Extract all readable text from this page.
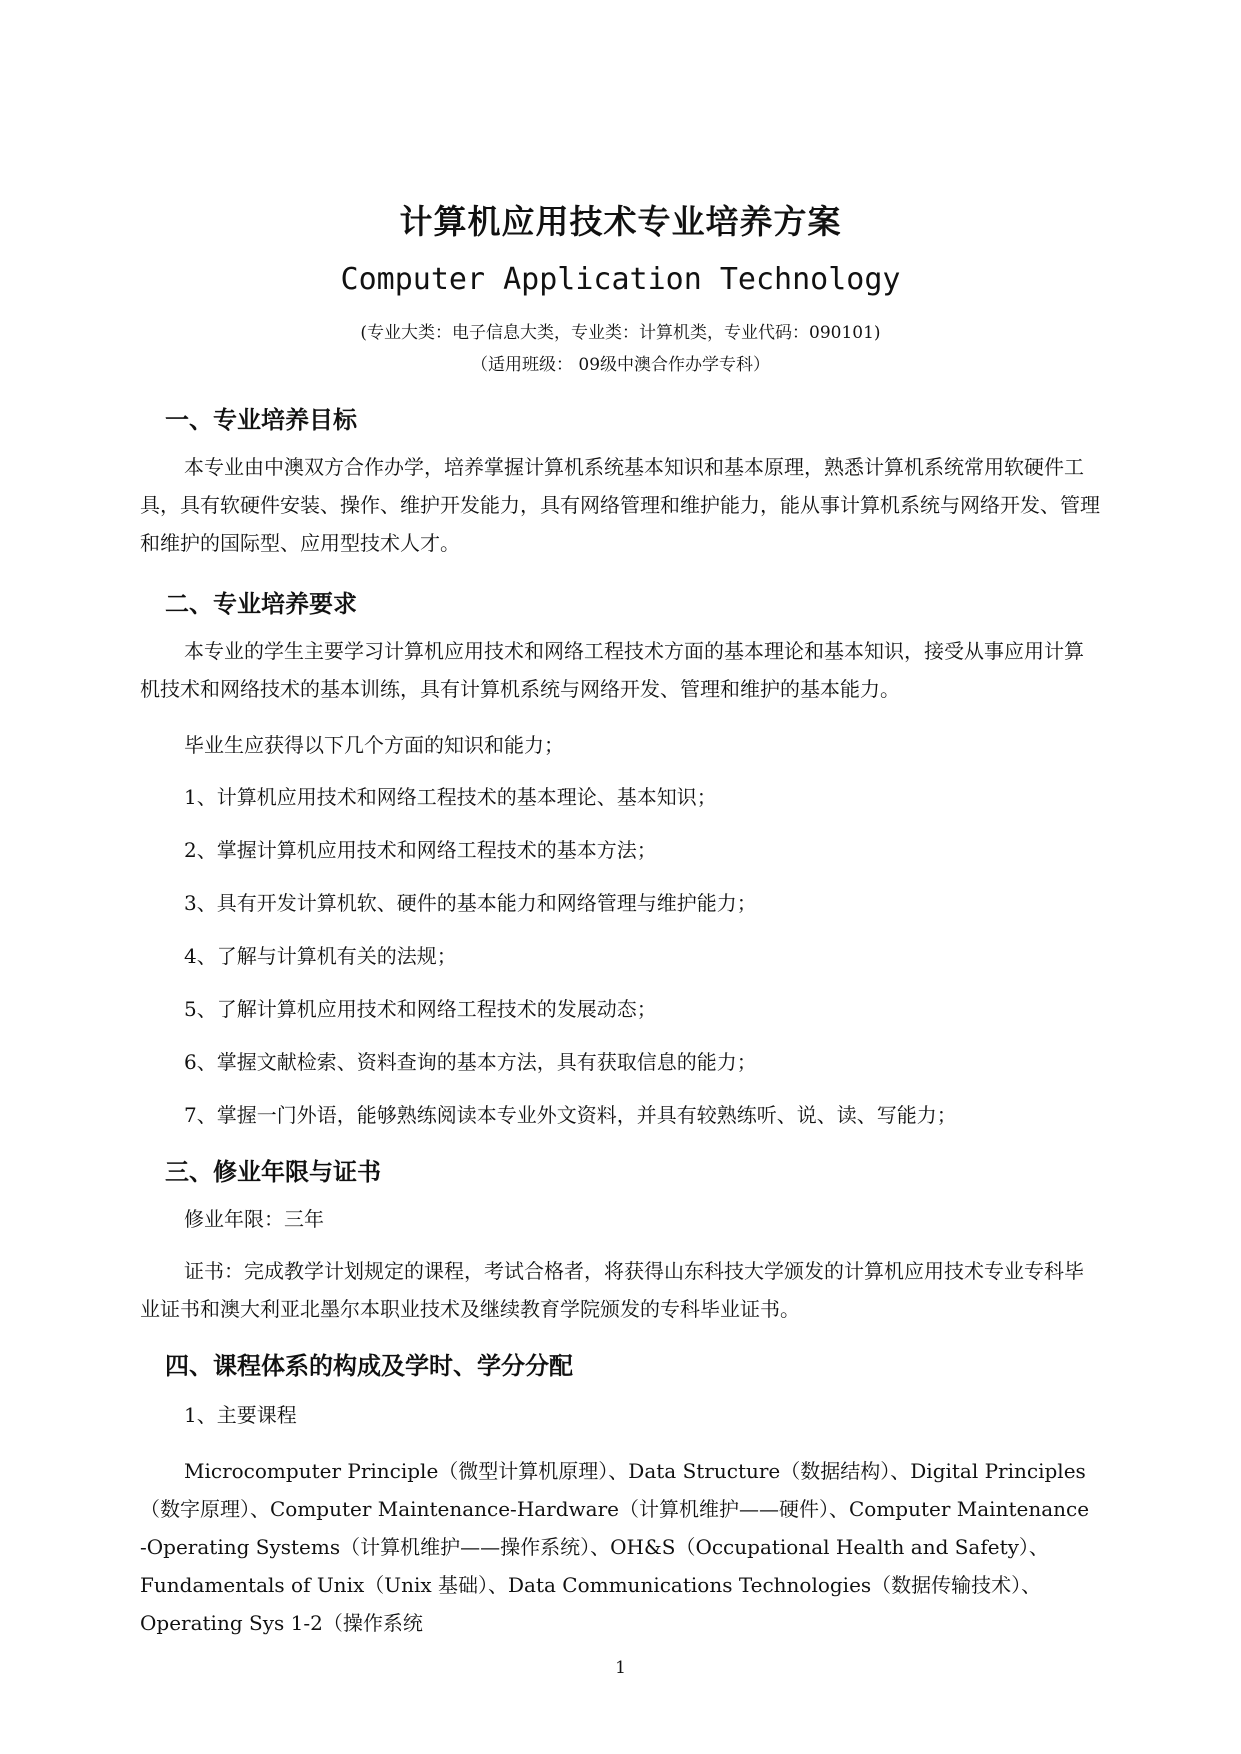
计算机应用技术专业培养方案
Computer Application Technology
(专业大类：电子信息大类，专业类：计算机类，专业代码：090101)
（适用班级： 09级中澳合作办学专科）
一、专业培养目标
本专业由中澳双方合作办学，培养掌握计算机系统基本知识和基本原理，熟悉计算机系统常用软硬件工具，具有软硬件安装、操作、维护开发能力，具有网络管理和维护能力，能从事计算机系统与网络开发、管理和维护的国际型、应用型技术人才。
二、专业培养要求
本专业的学生主要学习计算机应用技术和网络工程技术方面的基本理论和基本知识，接受从事应用计算机技术和网络技术的基本训练，具有计算机系统与网络开发、管理和维护的基本能力。
毕业生应获得以下几个方面的知识和能力；
1、计算机应用技术和网络工程技术的基本理论、基本知识；
2、掌握计算机应用技术和网络工程技术的基本方法；
3、具有开发计算机软、硬件的基本能力和网络管理与维护能力；
4、了解与计算机有关的法规；
5、了解计算机应用技术和网络工程技术的发展动态；
6、掌握文献检索、资料查询的基本方法，具有获取信息的能力；
7、掌握一门外语，能够熟练阅读本专业外文资料，并具有较熟练听、说、读、写能力；
三、修业年限与证书
修业年限：三年
证书：完成教学计划规定的课程，考试合格者，将获得山东科技大学颁发的计算机应用技术专业专科毕业证书和澳大利亚北墨尔本职业技术及继续教育学院颁发的专科毕业证书。
四、课程体系的构成及学时、学分分配
1、主要课程
Microcomputer Principle（微型计算机原理）、Data Structure（数据结构）、Digital Principles（数字原理）、Computer Maintenance-Hardware（计算机维护——硬件）、Computer Maintenance -Operating Systems（计算机维护——操作系统）、OH&S（Occupational Health and Safety）、Fundamentals of Unix（Unix 基础）、Data Communications Technologies（数据传输技术）、Operating Sys 1-2（操作系统
1
